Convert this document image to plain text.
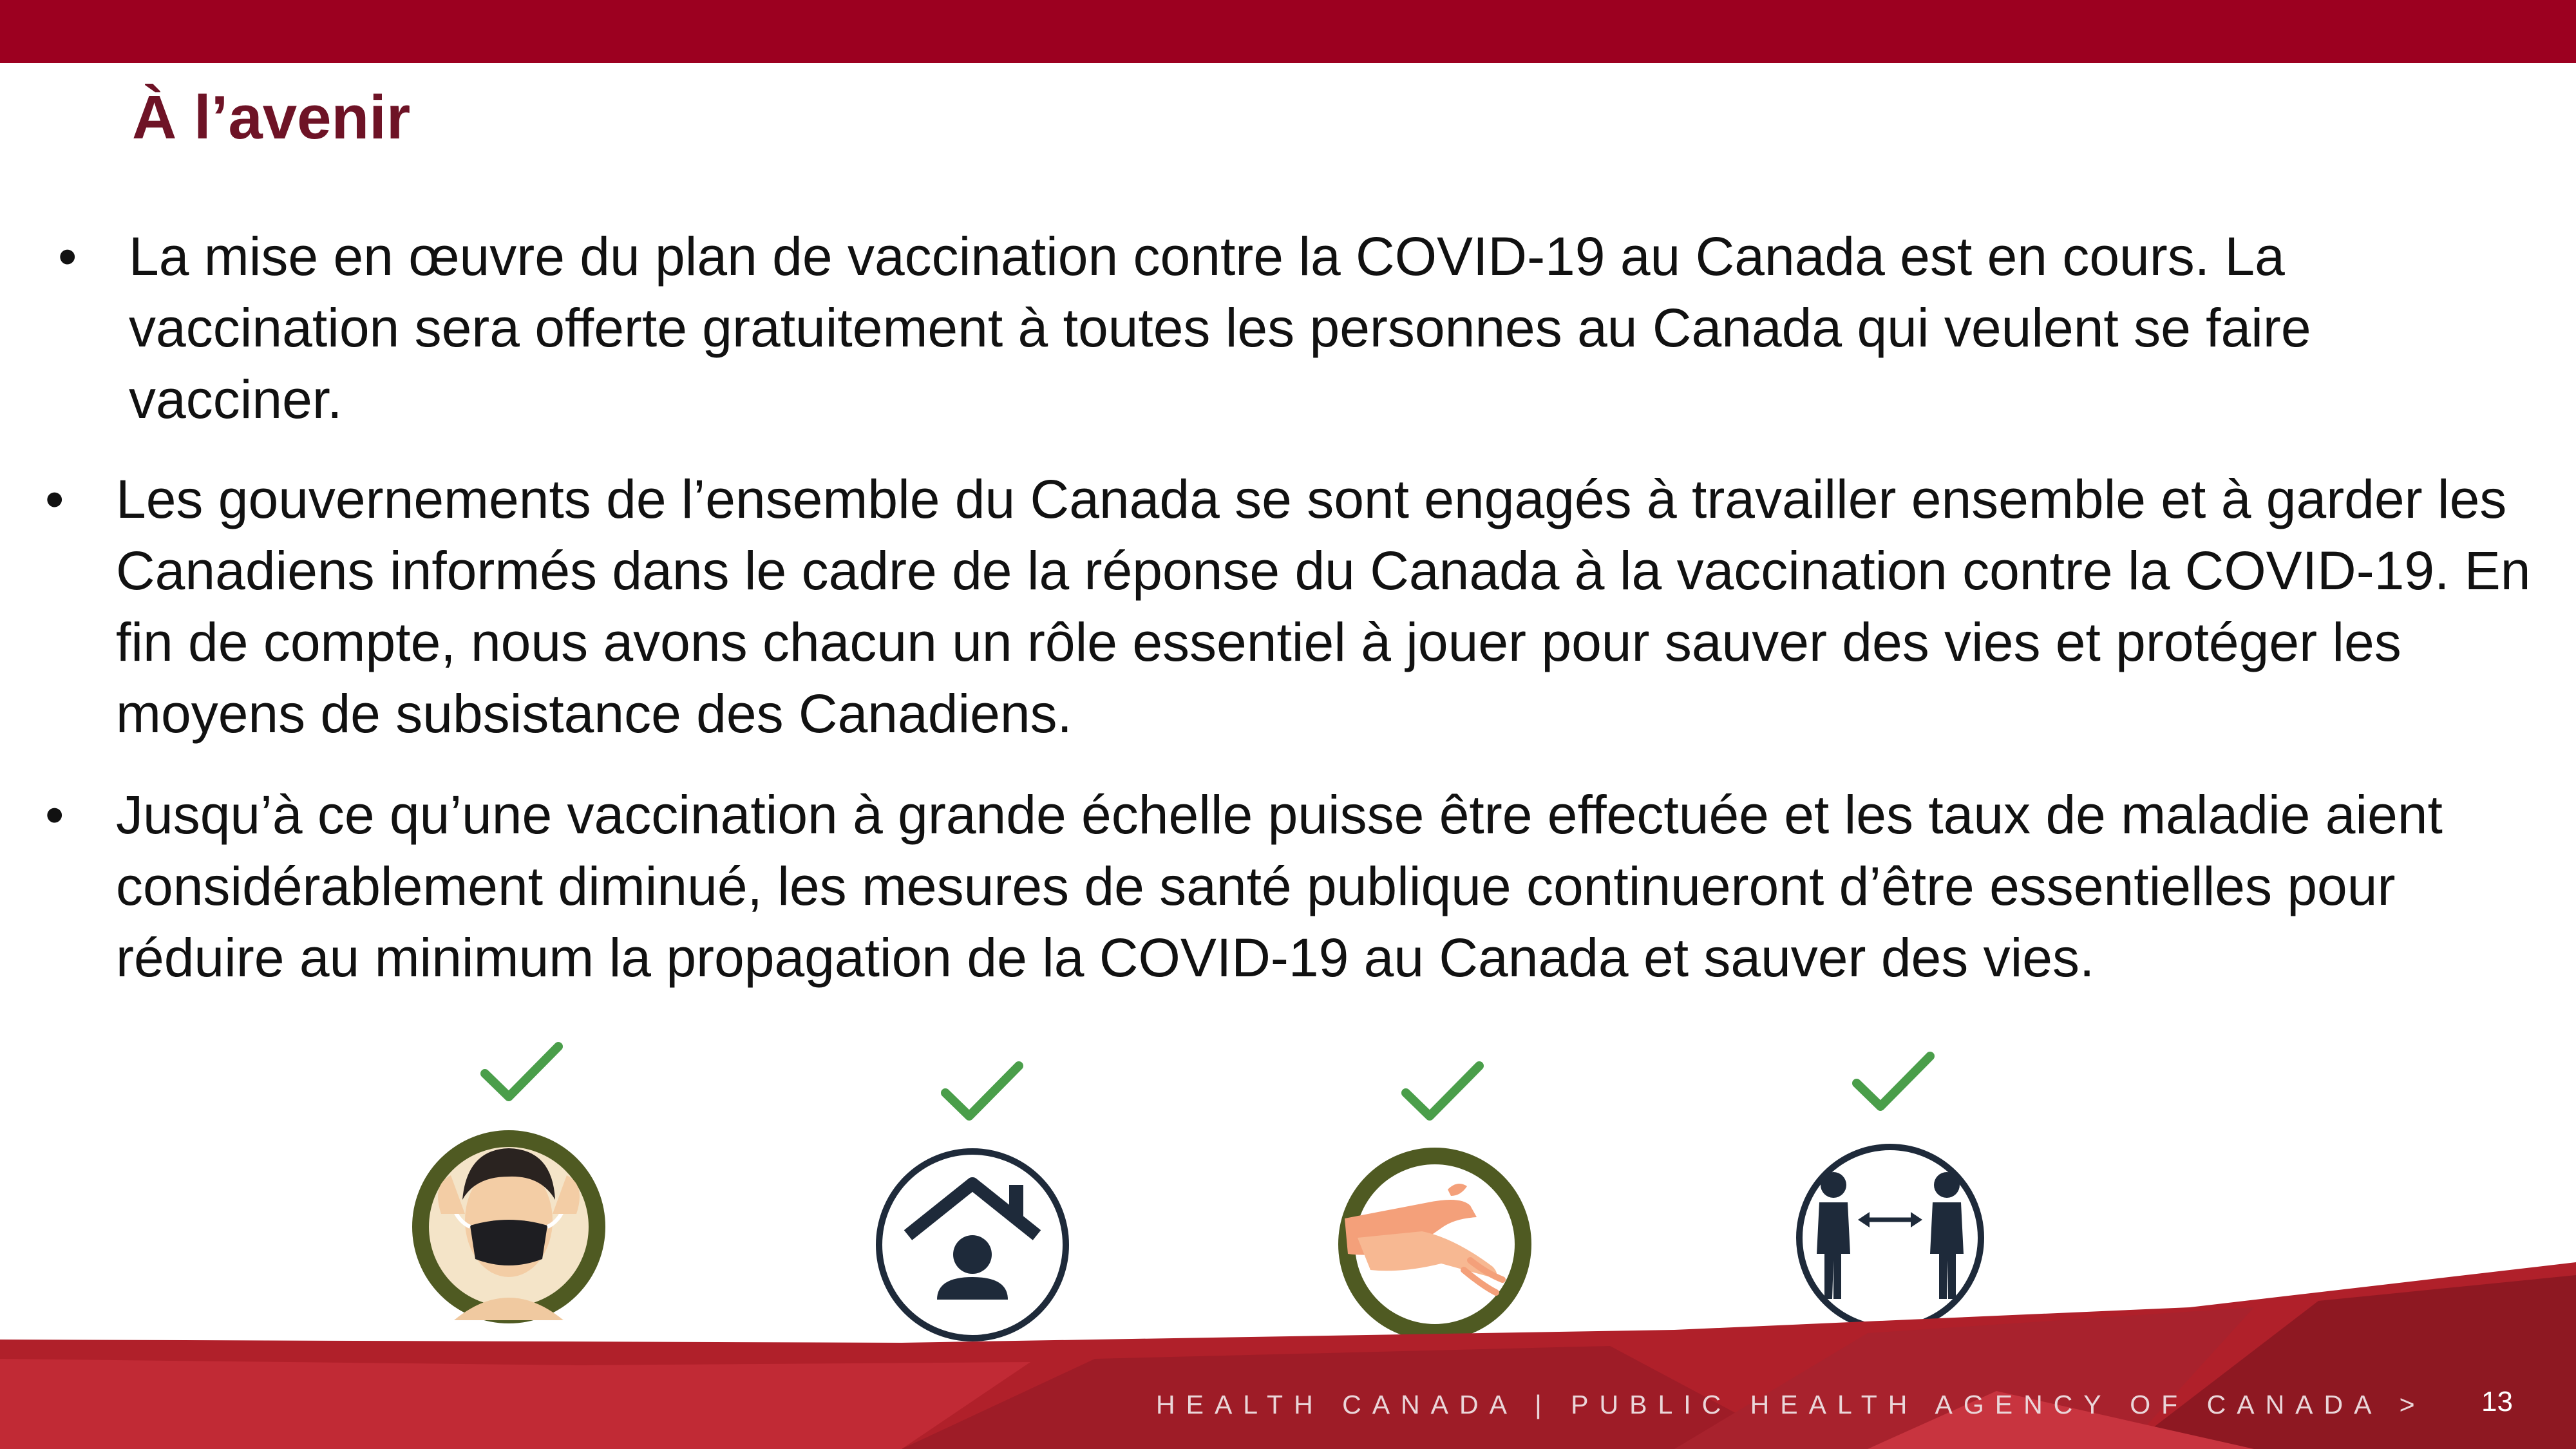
À l’avenir
• La mise en œuvre du plan de vaccination contre la COVID-19 au Canada est en cours. La vaccination sera offerte gratuitement à toutes les personnes au Canada qui veulent se faire vacciner.
• Les gouvernements de l’ensemble du Canada se sont engagés à travailler ensemble et à garder les Canadiens informés dans le cadre de la réponse du Canada à la vaccination contre la COVID-19. En fin de compte, nous avons chacun un rôle essentiel à jouer pour sauver des vies et protéger les moyens de subsistance des Canadiens.
• Jusqu’à ce qu’une vaccination à grande échelle puisse être effectuée et les taux de maladie aient considérablement diminué, les mesures de santé publique continueront d’être essentielles pour réduire au minimum la propagation de la COVID-19 au Canada et sauver des vies.
HEALTH CANADA | PUBLIC HEALTH AGENCY OF CANADA > 13
